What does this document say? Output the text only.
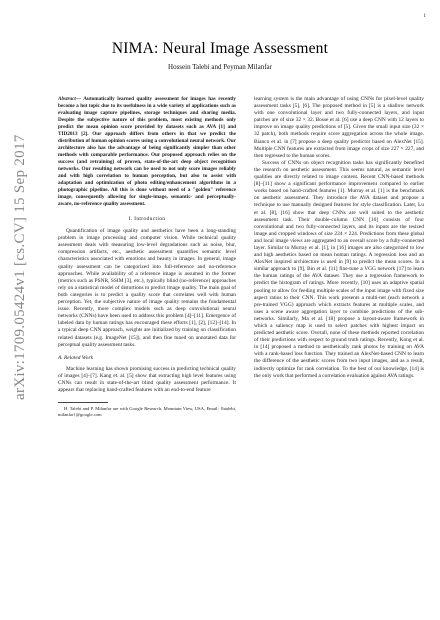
1
NIMA: Neural Image Assessment
Hossein Talebi and Peyman Milanfar
arXiv:1709.05424v1 [cs.CV] 15 Sep 2017

Abstract— Automatically learned quality assessment for images has recently become a hot topic due to its usefulness in a wide variety of applications such as evaluating image capture pipelines, storage techniques and sharing media. Despite the subjective nature of this problem, most existing methods only predict the mean opinion score provided by datasets such as AVA [1] and TID2013 [2]. Our approach differs from others in that we predict the distribution of human opinion scores using a convolutional neural network. Our architecture also has the advantage of being significantly simpler than other methods with comparable performance. Our proposed approach relies on the success (and retraining) of proven, state-of-the-art deep object recognition networks. Our resulting network can be used to not only score images reliably and with high correlation to human perception, but also to assist with adaptation and optimization of photo editing/enhancement algorithms in a photographic pipeline. All this is done without need of a "golden" reference image, consequently allowing for single-image, semantic- and perceptually-aware, no-reference quality assessment.

I. Introduction

Quantification of image quality and aesthetics have been a long-standing problem in image processing and computer vision. While technical quality assessment deals with measuring low-level degradations such as noise, blur, compression artifacts, etc., aesthetic assessment quantifies semantic level characteristics associated with emotions and beauty in images. In general, image quality assessment can be categorized into full-reference and no-reference approaches. While availability of a reference image is assumed in the former (metrics such as PSNR, SSIM [3], etc.), typically blind (no-reference) approaches rely on a statistical model of distortions to predict image quality. The main goal of both categories is to predict a quality score that correlates well with human perception. Yet, the subjective nature of image quality remains the fundamental issue. Recently, more complex models such as deep convolutional neural networks (CNNs) have been used to address this problem [4]–[11]. Emergence of labeled data by human ratings has encouraged these efforts [1], [2], [12]–[14]. In a typical deep CNN approach, weights are initialized by training on classification related datasets (e.g. ImageNet [15]), and then fine tuned on annotated data for perceptual quality assessment tasks.

A. Related Work

Machine learning has shown promising success in predicting technical quality of images [4]–[7]. Kang et. al. [5] show that extracting high level features using CNNs can result in state-of-the-art blind quality assessment performance. It appears that replacing hand-crafted features with an end-to-end feature

H. Talebi and P. Milanfar are with Google Research, Mountain View, USA, Email: {htalebi, milanfar}@google.com

learning system is the main advantage of using CNNs for pixel-level quality assessment tasks [5], [6]. The proposed method in [5] is a shallow network with one convolutional layer and two fully-connected layers, and input patches are of size 32 × 32. Bosse et al. [6] use a deep CNN with 12 layers to improve on image quality predictions of [5]. Given the small input size (32 × 32 patch), both methods require score aggregation across the whole image. Bianco et al. in [7] propose a deep quality predictor based on AlexNet [15]. Multiple CNN features are extracted from image crops of size 227 × 227, and then regressed to the human scores.

Success of CNNs on object recognition tasks has significantly benefited the research on aesthetic assessment. This seems natural, as semantic level qualities are directly related to image content. Recent CNN-based methods [8]–[11] show a significant performance improvement compared to earlier works based on hand-crafted features [1]. Murray et al. [1] is the benchmark on aesthetic assessment. They introduce the AVA dataset and propose a technique to use manually designed features for style classification. Later, Lu et al. [8], [16] show that deep CNNs are well suited to the aesthetic assessment task. Their double-column CNN [16] consists of four convolutional and two fully-connected layers, and its inputs are the resized image and cropped windows of size 224 × 224. Predictions from these global and local image views are aggregated to an overall score by a fully-connected layer. Similar to Murray et al. [1], in [16] images are also categorized to low and high aesthetics based on mean human ratings. A regression loss and an AlexNet inspired architecture is used in [9] to predict the mean scores. In a similar approach to [9], Bin et al. [11] fine-tune a VGG network [17] to learn the human ratings of the AVA dataset. They use a regression framework to predict the histogram of ratings. More recently, [10] uses an adaptive spatial pooling to allow for feeding multiple scales of the input image with fixed size aspect ratios to their CNN. This work presents a multi-net (each network a pre-trained VGG) approach which extracts features at multiple scales, and uses a scene aware aggregation layer to combine predictions of the sub-networks. Similarly, Ma et al. [18] propose a layout-aware framework in which a saliency map is used to select patches with highest impact on predicted aesthetic score. Overall, none of these methods reported correlation of their predictions with respect to ground truth ratings. Recently, Kong et al. in [14] proposed a method to aesthetically rank photos by training on AVA with a rank-based loss function. They trained an AlexNet-based CNN to learn the difference of the aesthetic scores from two input images, and as a result, indirectly optimize for rank correlation. To the best of our knowledge, [14] is the only work that performed a correlation evaluation against AVA ratings.
